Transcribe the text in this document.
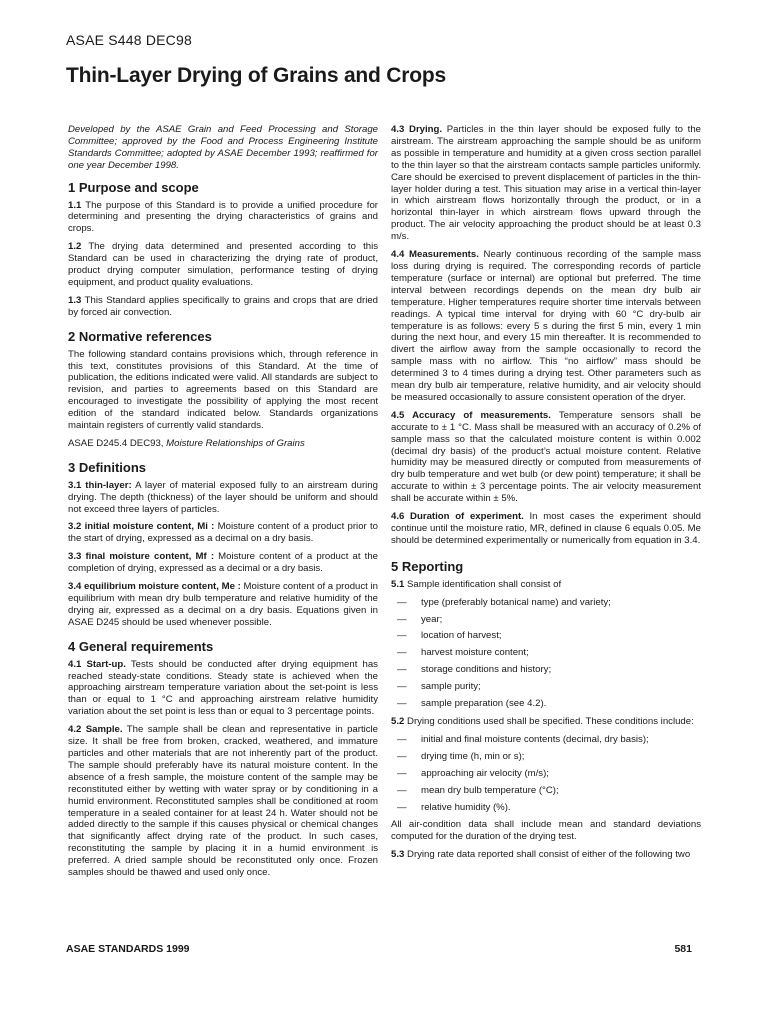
ASAE S448 DEC98
Thin-Layer Drying of Grains and Crops

Developed by the ASAE Grain and Feed Processing and Storage Committee; approved by the Food and Process Engineering Institute Standards Committee; adopted by ASAE December 1993; reaffirmed for one year December 1998.

1 Purpose and scope

1.1 The purpose of this Standard is to provide a unified procedure for determining and presenting the drying characteristics of grains and crops.

1.2 The drying data determined and presented according to this Standard can be used in characterizing the drying rate of product, product drying computer simulation, performance testing of drying equipment, and product quality evaluations.

1.3 This Standard applies specifically to grains and crops that are dried by forced air convection.

2 Normative references

The following standard contains provisions which, through reference in this text, constitutes provisions of this Standard. At the time of publication, the editions indicated were valid. All standards are subject to revision, and parties to agreements based on this Standard are encouraged to investigate the possibility of applying the most recent edition of the standard indicated below. Standards organizations maintain registers of currently valid standards.

ASAE D245.4 DEC93, Moisture Relationships of Grains

3 Definitions

3.1 thin-layer: A layer of material exposed fully to an airstream during drying. The depth (thickness) of the layer should be uniform and should not exceed three layers of particles.

3.2 initial moisture content, Mi : Moisture content of a product prior to the start of drying, expressed as a decimal on a dry basis.

3.3 final moisture content, Mf : Moisture content of a product at the completion of drying, expressed as a decimal or a dry basis.

3.4 equilibrium moisture content, Me : Moisture content of a product in equilibrium with mean dry bulb temperature and relative humidity of the drying air, expressed as a decimal on a dry basis. Equations given in ASAE D245 should be used whenever possible.

4 General requirements

4.1 Start-up. Tests should be conducted after drying equipment has reached steady-state conditions. Steady state is achieved when the approaching airstream temperature variation about the set-point is less than or equal to 1 °C and approaching airstream relative humidity variation about the set point is less than or equal to 3 percentage points.

4.2 Sample. The sample shall be clean and representative in particle size. It shall be free from broken, cracked, weathered, and immature particles and other materials that are not inherently part of the product. The sample should preferably have its natural moisture content. In the absence of a fresh sample, the moisture content of the sample may be reconstituted either by wetting with water spray or by conditioning in a humid environment. Reconstituted samples shall be conditioned at room temperature in a sealed container for at least 24 h. Water should not be added directly to the sample if this causes physical or chemical changes that significantly affect drying rate of the product. In such cases, reconstituting the sample by placing it in a humid environment is preferred. A dried sample should be reconstituted only once. Frozen samples should be thawed and used only once.

4.3 Drying. Particles in the thin layer should be exposed fully to the airstream. The airstream approaching the sample should be as uniform as possible in temperature and humidity at a given cross section parallel to the thin layer so that the airstream contacts sample particles uniformly. Care should be exercised to prevent displacement of particles in the thin-layer holder during a test. This situation may arise in a vertical thin-layer in which airstream flows horizontally through the product, or in a horizontal thin-layer in which airstream flows upward through the product. The air velocity approaching the product should be at least 0.3 m/s.

4.4 Measurements. Nearly continuous recording of the sample mass loss during drying is required. The corresponding records of particle temperature (surface or internal) are optional but preferred. The time interval between recordings depends on the mean dry bulb air temperature. Higher temperatures require shorter time intervals between readings. A typical time interval for drying with 60 °C dry-bulb air temperature is as follows: every 5 s during the first 5 min, every 1 min during the next hour, and every 15 min thereafter. It is recommended to divert the airflow away from the sample occasionally to record the sample mass with no airflow. This “no airflow” mass should be determined 3 to 4 times during a drying test. Other parameters such as mean dry bulb air temperature, relative humidity, and air velocity should be measured occasionally to assure consistent operation of the dryer.

4.5 Accuracy of measurements. Temperature sensors shall be accurate to ± 1 °C. Mass shall be measured with an accuracy of 0.2% of sample mass so that the calculated moisture content is within 0.002 (decimal dry basis) of the product’s actual moisture content. Relative humidity may be measured directly or computed from measurements of dry bulb temperature and wet bulb (or dew point) temperature; it shall be accurate to within ± 3 percentage points. The air velocity measurement shall be accurate within ± 5%.

4.6 Duration of experiment. In most cases the experiment should continue until the moisture ratio, MR, defined in clause 6 equals 0.05. Me should be determined experimentally or numerically from equation in 3.4.

5 Reporting

5.1 Sample identification shall consist of

— type (preferably botanical name) and variety;
— year;
— location of harvest;
— harvest moisture content;
— storage conditions and history;
— sample purity;
— sample preparation (see 4.2).

5.2 Drying conditions used shall be specified. These conditions include:

— initial and final moisture contents (decimal, dry basis);
— drying time (h, min or s);
— approaching air velocity (m/s);
— mean dry bulb temperature (°C);
— relative humidity (%).

All air-condition data shall include mean and standard deviations computed for the duration of the drying test.

5.3 Drying rate data reported shall consist of either of the following two

ASAE STANDARDS 1999	581
